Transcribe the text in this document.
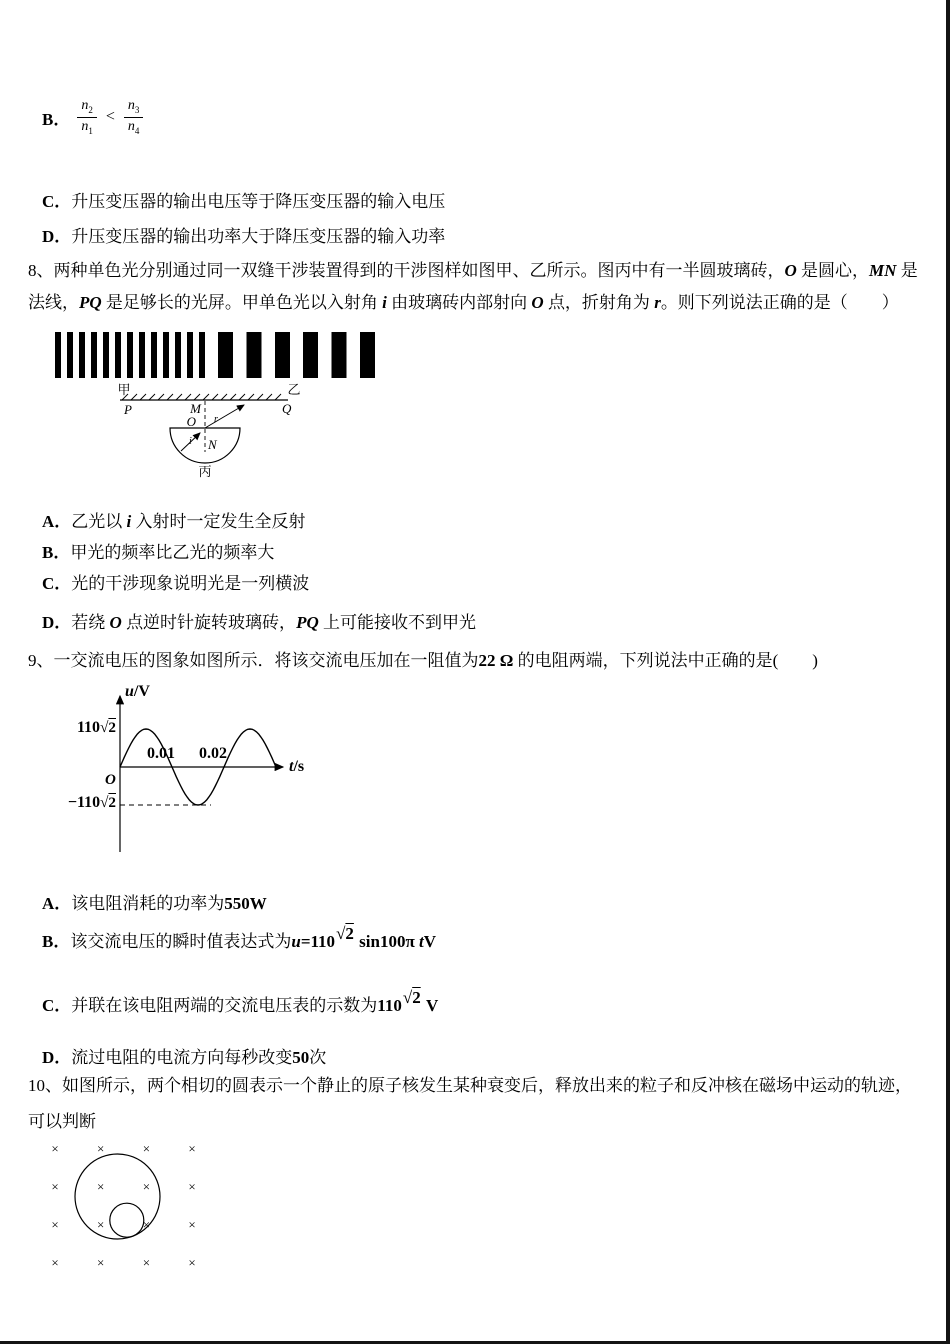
B． $\frac{n_2}{n_1} < \frac{n_3}{n_4}$
C．升压变压器的输出电压等于降压变压器的输入电压
D．升压变压器的输出功率大于降压变压器的输入功率
8、两种单色光分别通过同一双缝干涉装置得到的干涉图样如图甲、乙所示。图丙中有一半圆玻璃砖，O 是圆心，MN 是
法线，PQ 是足够长的光屏。甲单色光以入射角 i 由玻璃砖内部射向 O 点，折射角为 r。则下列说法正确的是（　　）
甲	乙
P	Q
M
O
N
i
r
丙
A．乙光以 i 入射时一定发生全反射
B．甲光的频率比乙光的频率大
C．光的干涉现象说明光是一列横波
D．若绕 O 点逆时针旋转玻璃砖，PQ 上可能接收不到甲光
9、一交流电压的图象如图所示．将该交流电压加在一阻值为22 Ω 的电阻两端，下列说法中正确的是(　　)
u/V
110√2
O
0.01 0.02
t/s
−110√2
A．该电阻消耗的功率为550W
B．该交流电压的瞬时值表达式为u=110√2 sin100π tV
C．并联在该电阻两端的交流电压表的示数为110√2 V
D．流过电阻的电流方向每秒改变50次
10、如图所示，两个相切的圆表示一个静止的原子核发生某种衰变后，释放出来的粒子和反冲核在磁场中运动的轨迹，
可以判断
×	×	×	×
×	×	×	×
×	×	×	×
×	×	×	×
